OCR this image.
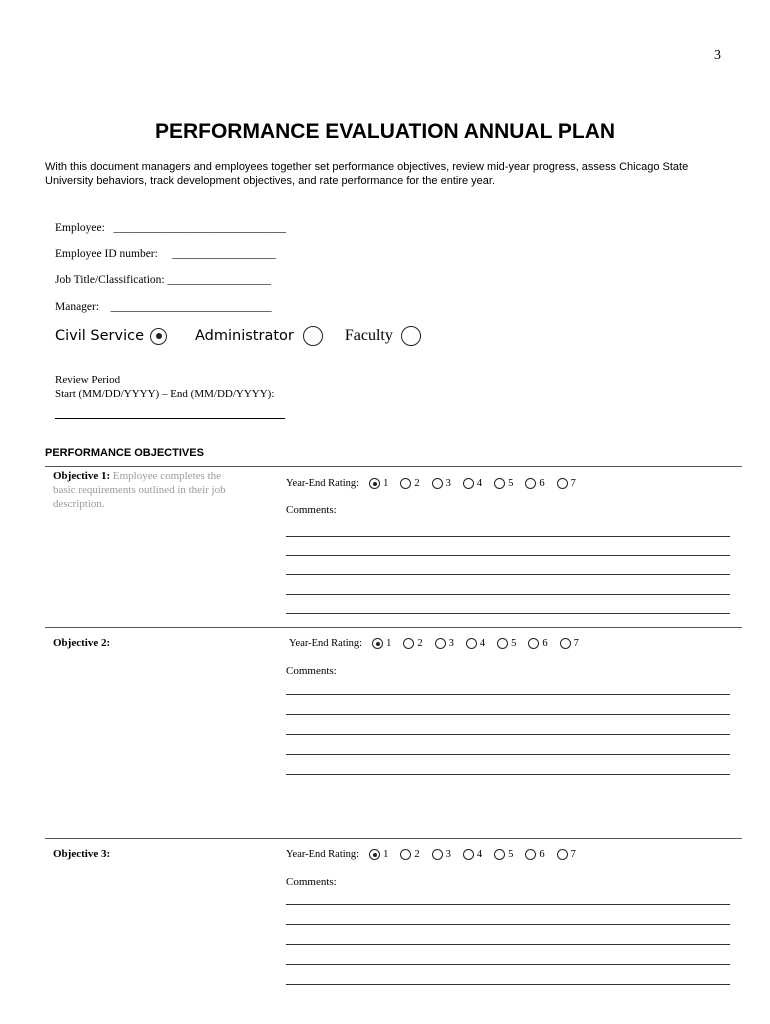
3
PERFORMANCE EVALUATION ANNUAL PLAN
With this document managers and employees together set performance objectives, review mid-year progress, assess Chicago State University behaviors, track development objectives, and rate performance for the entire year.
Employee:   ______________________________
Employee ID number:     __________________
Job Title/Classification: __________________
Manager:    ____________________________
Civil Service	Administrator	Faculty
Review Period
Start (MM/DD/YYYY) – End (MM/DD/YYYY):
PERFORMANCE OBJECTIVES
Objective 1: Employee completes the basic requirements outlined in their job description.
Objective 2:
Objective 3:
Year-End Rating: 1 2 3 4 5 6 7
Comments:
Year-End Rating: 1 2 3 4 5 6 7
Comments:
Year-End Rating: 1 2 3 4 5 6 7
Comments:
